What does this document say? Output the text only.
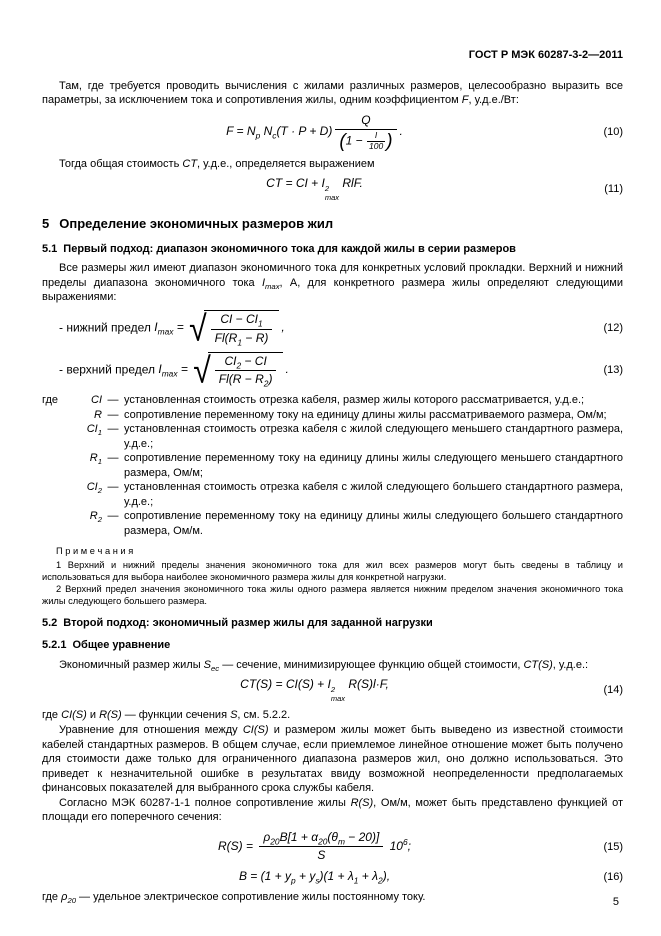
ГОСТ Р МЭК 60287-3-2—2011

Там, где требуется проводить вычисления с жилами различных размеров, целесообразно выразить все параметры, за исключением тока и сопротивления жилы, одним коэффициентом F, у.д.е./Вт:

$F = N_p$ $N_c(T \cdot P + D) \frac{Q}{(1 - \frac{I}{100} )}$ .	(10)

Тогда общая стоимость CT, у.д.е., определяется выражением

CT = CI + I 2
max
RlF.	(11)
5 Определение экономичных размеров жил
5.1 Первый подход: диапазон экономичного тока для каждой жилы в серии размеров

Все размеры жил имеют диапазон экономичного тока для конкретных условий прокладки. Верхний и нижний пределы диапазона экономичного тока $I_{max}$, А, для конкретного размера жилы определяют следующими выражениями:

- нижний предел $I_{max}$ = √ $\frac{CI - CI_1}{Fl(R_1 - R)}$ ,	(12)
- верхний предел $I_{max}$ = √ $\frac{CI_2 - CI}{Fl(R - R_2)}$ .	(13)
где	CI — установленная стоимость отрезка кабеля, размер жилы которого рассматривается, у.д.е.;
R — сопротивление переменному току на единицу длины жилы рассматриваемого размера, Ом/м;
$CI_1$ — установленная стоимость отрезка кабеля с жилой следующего меньшего стандартного размера, у.д.е.;
$R_1$ — сопротивление переменному току на единицу длины жилы следующего меньшего стандартного размера, Ом/м;
$CI_2$ — установленная стоимость отрезка кабеля с жилой следующего большего стандартного размера, у.д.е.;
$R_2$ — сопротивление переменному току на единицу длины жилы следующего большего стандартного размера, Ом/м.
П р и м е ч а н и я

1 Верхний и нижний пределы значения экономичного тока для жил всех размеров могут быть сведены в таблицу и использоваться для выбора наиболее экономичного размера жилы для конкретной нагрузки.

2 Верхний предел значения экономичного тока жилы одного размера является нижним пределом значения экономичного тока жилы следующего большего размера.

5.2 Второй подход: экономичный размер жилы для заданной нагрузки
5.2.1 Общее уравнение

Экономичный размер жилы $S_{ec}$ — сечение, минимизирующее функцию общей стоимости, CT(S), у.д.е.:

CT(S) = CI(S) + I 2
max
R(S)l·F,	(14)

где CI(S) и R(S) — функции сечения S, см. 5.2.2.

Уравнение для отношения между CI(S) и размером жилы может быть выведено из известной стоимости кабелей стандартных размеров. В общем случае, если приемлемое линейное отношение может быть получено для стоимости даже только для ограниченного диапазона размеров жил, оно должно использоваться. Это приведет к незначительной ошибке в результатах ввиду возможной неопределенности предполагаемых финансовых показателей для выбранного срока службы кабеля.

Согласно МЭК 60287-1-1 полное сопротивление жилы R(S), Ом/м, может быть представлено функцией от площади его поперечного сечения:

$R(S) = \frac{\rho_{20}B[1 + \alpha_{20}(\theta_m - 20)]}{S} 10^6$;	(15)
$B = (1 + y_p + y_s)(1 + \lambda_1 + \lambda_2)$,	(16)

где $\rho_{20}$ — удельное электрическое сопротивление жилы постоянному току.	5
